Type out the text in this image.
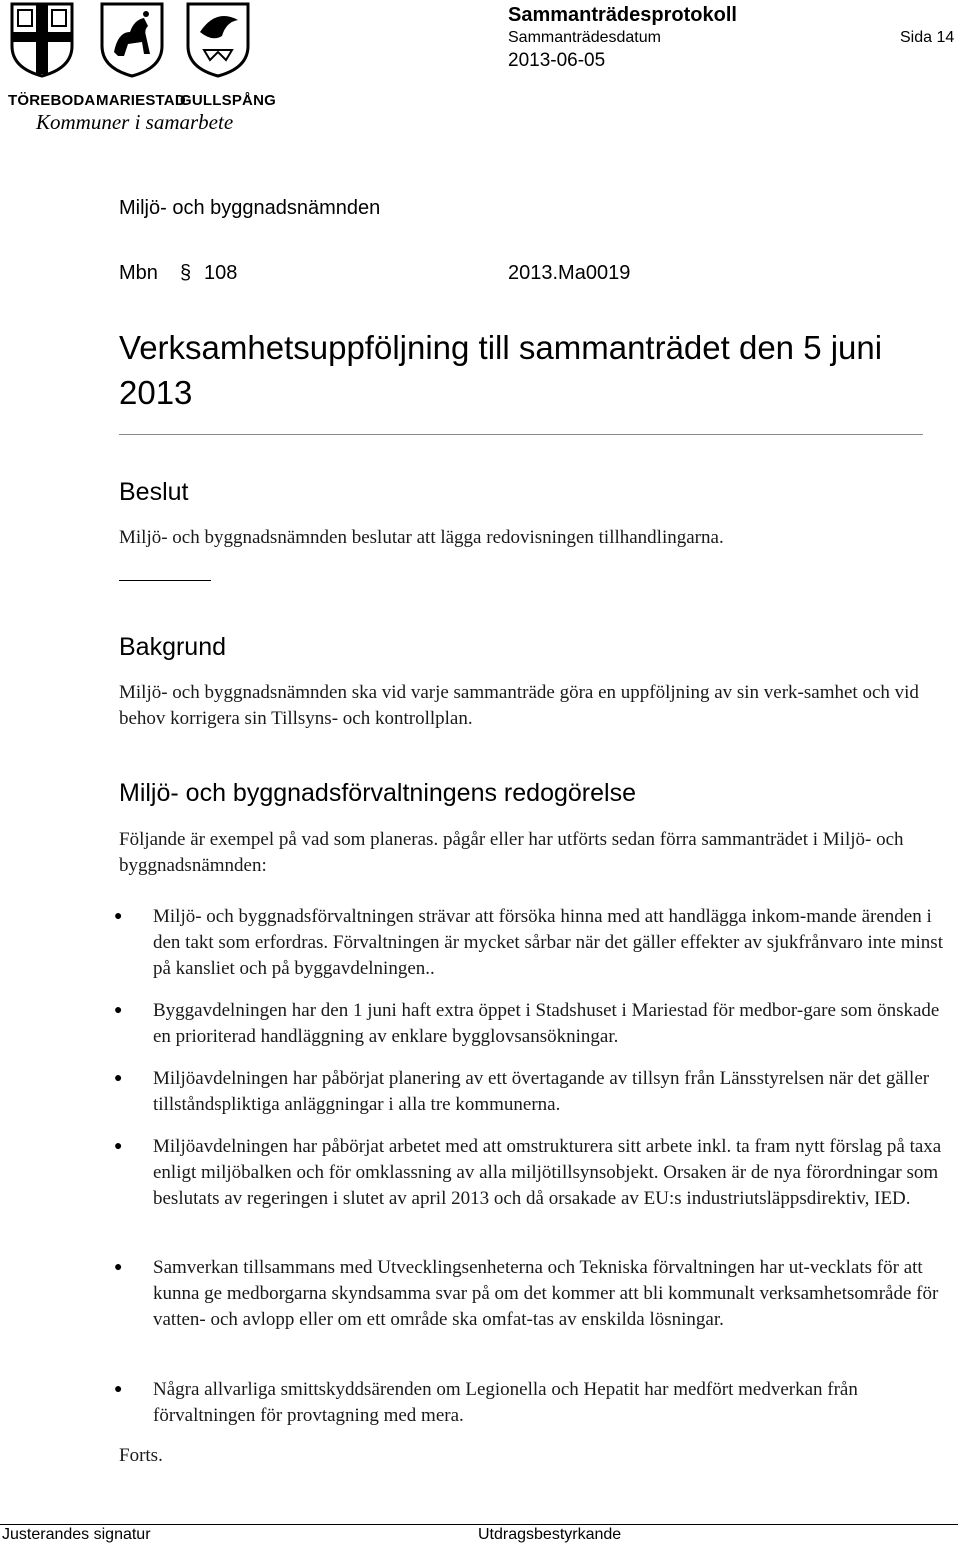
TÖREBODA MARIESTAD
GULLSPÅNG
Kommuner i samarbete
Sammanträdesprotokoll
Sammanträdesdatum	Sida 14
2013-06-05
Miljö- och byggnadsnämnden
Mbn § 108	2013.Ma0019
Verksamhetsuppföljning till sammanträdet den 5 juni 2013
Beslut
Miljö- och byggnadsnämnden beslutar att lägga redovisningen tillhandlingarna.
Bakgrund
Miljö- och byggnadsnämnden ska vid varje sammanträde göra en uppföljning av sin verk-samhet och vid behov korrigera sin Tillsyns- och kontrollplan.
Miljö- och byggnadsförvaltningens redogörelse
Följande är exempel på vad som planeras. pågår eller har utförts sedan förra sammanträdet i Miljö- och byggnadsnämnden:
● Miljö- och byggnadsförvaltningen strävar att försöka hinna med att handlägga inkom-mande ärenden i den takt som erfordras. Förvaltningen är mycket sårbar när det gäller effekter av sjukfrånvaro inte minst på kansliet och på byggavdelningen..
● Byggavdelningen har den 1 juni haft extra öppet i Stadshuset i Mariestad för medbor-gare som önskade en prioriterad handläggning av enklare bygglovsansökningar.
● Miljöavdelningen har påbörjat planering av ett övertagande av tillsyn från Länsstyrelsen när det gäller tillståndspliktiga anläggningar i alla tre kommunerna.
● Miljöavdelningen har påbörjat arbetet med att omstrukturera sitt arbete inkl. ta fram nytt förslag på taxa enligt miljöbalken och för omklassning av alla miljötillsynsobjekt. Orsaken är de nya förordningar som beslutats av regeringen i slutet av april 2013 och då orsakade av EU:s industriutsläppsdirektiv, IED.
● Samverkan tillsammans med Utvecklingsenheterna och Tekniska förvaltningen har ut-vecklats för att kunna ge medborgarna skyndsamma svar på om det kommer att bli kommunalt verksamhetsområde för vatten- och avlopp eller om ett område ska omfat-tas av enskilda lösningar.
● Några allvarliga smittskyddsärenden om Legionella och Hepatit har medfört medverkan från förvaltningen för provtagning med mera.
Forts.
Justerandes signatur	Utdragsbestyrkande
